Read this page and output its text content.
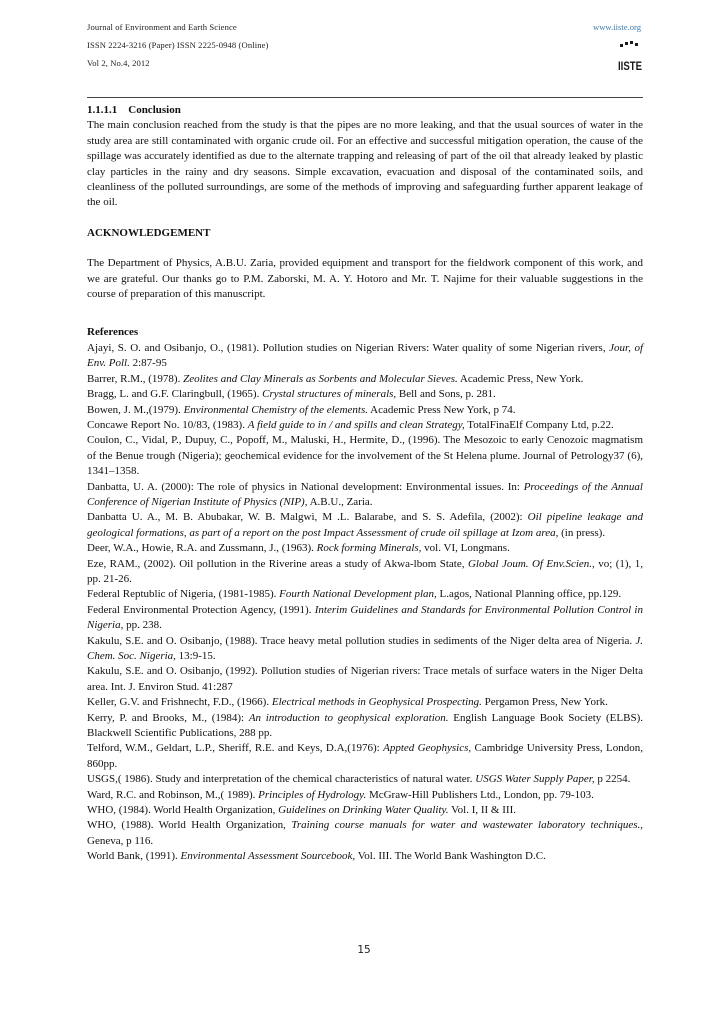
Journal of Environment and Earth Science
ISSN 2224-3216 (Paper) ISSN 2225-0948 (Online)
Vol 2, No.4, 2012
www.iiste.org
IISTE

1.1.1.1 Conclusion

The main conclusion reached from the study is that the pipes are no more leaking, and that the usual sources of water in the study area are still contaminated with organic crude oil. For an effective and successful mitigation operation, the cause of the spillage was accurately identified as due to the alternate trapping and releasing of part of the oil that already leaked by plastic clay particles in the rainy and dry seasons. Simple excavation, evacuation and disposal of the contaminated soils, and cleanliness of the polluted surroundings, are some of the methods of improving and safeguarding further apparent leakage of the oil.

ACKNOWLEDGEMENT

The Department of Physics, A.B.U. Zaria, provided equipment and transport for the fieldwork component of this work, and we are grateful. Our thanks go to P.M. Zaborski, M. A. Y. Hotoro and Mr. T. Najime for their valuable suggestions in the course of preparation of this manuscript.

References

Ajayi, S. O. and Osibanjo, O., (1981). Pollution studies on Nigerian Rivers: Water quality of some Nigerian rivers, Jour, of Env. Poll. 2:87-95

Barrer, R.M., (1978). Zeolites and Clay Minerals as Sorbents and Molecular Sieves. Academic Press, New York.

Bragg, L. and G.F. Claringbull, (1965). Crystal structures of minerals, Bell and Sons, p. 281.

Bowen, J. M.,(1979). Environmental Chemistry of the elements. Academic Press New York, p 74.

Concawe Report No. 10/83, (1983). A field guide to in / and spills and clean Strategy, TotalFinaElf Company Ltd, p.22.

Coulon, C., Vidal, P., Dupuy, C., Popoff, M., Maluski, H., Hermite, D., (1996). The Mesozoic to early Cenozoic magmatism of the Benue trough (Nigeria); geochemical evidence for the involvement of the St Helena plume. Journal of Petrology37 (6), 1341–1358.

Danbatta, U. A. (2000): The role of physics in National development: Environmental issues. In: Proceedings of the Annual Conference of Nigerian Institute of Physics (NIP), A.B.U., Zaria.

Danbatta U. A., M. B. Abubakar, W. B. Malgwi, M .L. Balarabe, and S. S. Adefila, (2002): Oil pipeline leakage and geological formations, as part of a report on the post Impact Assessment of crude oil spillage at Izom area, (in press).

Deer, W.A., Howie, R.A. and Zussmann, J., (1963). Rock forming Minerals, vol. VI, Longmans.

Eze, RAM., (2002). Oil pollution in the Riverine areas a study of Akwa-lbom State, Global Joum. Of Env.Scien., vo; (1), 1, pp. 21-26.

Federal Reptublic of Nigeria, (1981-1985). Fourth National Development plan, L.agos, National Planning office, pp.129.

Federal Environmental Protection Agency, (1991). Interim Guidelines and Standards for Environmental Pollution Control in Nigeria, pp. 238.

Kakulu, S.E. and O. Osibanjo, (1988). Trace heavy metal pollution studies in sediments of the Niger delta area of Nigeria. J. Chem. Soc. Nigeria, 13:9-15.

Kakulu, S.E. and O. Osibanjo, (1992). Pollution studies of Nigerian rivers: Trace metals of surface waters in the Niger Delta area. Int. J. Environ Stud. 41:287

Keller, G.V. and Frishnecht, F.D., (1966). Electrical methods in Geophysical Prospecting. Pergamon Press, New York.

Kerry, P. and Brooks, M., (1984): An introduction to geophysical exploration. English Language Book Society (ELBS). Blackwell Scientific Publications, 288 pp.

Telford, W.M., Geldart, L.P., Sheriff, R.E. and Keys, D.A,(1976): Appted Geophysics, Cambridge University Press, London, 860pp.

USGS,( 1986). Study and interpretation of the chemical characteristics of natural water. USGS Water Supply Paper, p 2254.

Ward, R.C. and Robinson, M.,( 1989). Principles of Hydrology. McGraw-Hill Publishers Ltd., London, pp. 79-103.

WHO, (1984). World Health Organization, Guidelines on Drinking Water Quality. Vol. I, II & III.

WHO, (1988). World Health Organization, Training course manuals for water and wastewater laboratory techniques., Geneva, p 116.

World Bank, (1991). Environmental Assessment Sourcebook, Vol. III. The World Bank Washington D.C.

15
